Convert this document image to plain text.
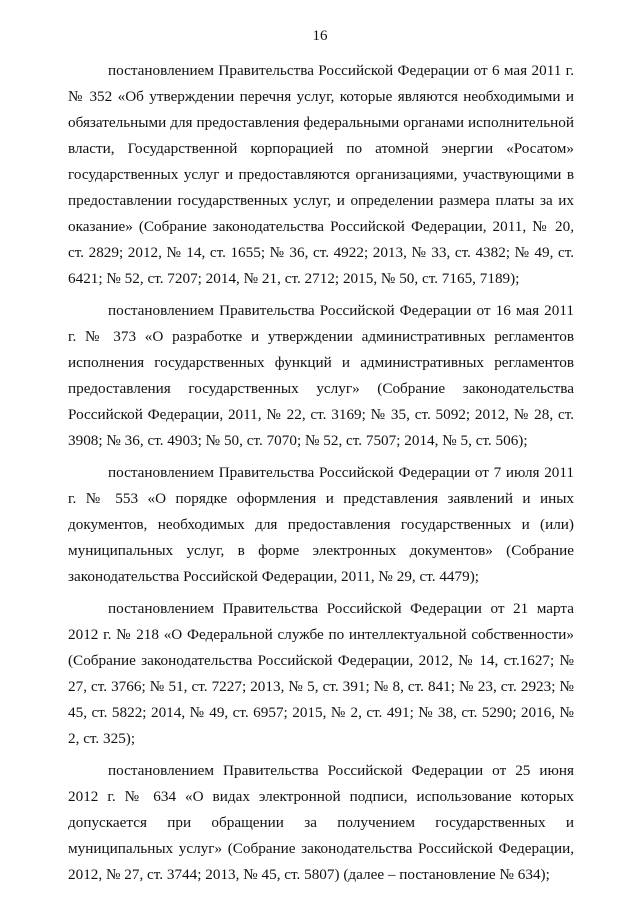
16

постановлением Правительства Российской Федерации от 6 мая 2011 г. № 352 «Об утверждении перечня услуг, которые являются необходимыми и обязательными для предоставления федеральными органами исполнительной власти, Государственной корпорацией по атомной энергии «Росатом» государственных услуг и предоставляются организациями, участвующими в предоставлении государственных услуг, и определении размера платы за их оказание» (Собрание законодательства Российской Федерации, 2011, № 20, ст. 2829; 2012, № 14, ст. 1655; № 36, ст. 4922; 2013, № 33, ст. 4382; № 49, ст. 6421; № 52, ст. 7207; 2014, № 21, ст. 2712; 2015, № 50, ст. 7165, 7189);

постановлением Правительства Российской Федерации от 16 мая 2011 г. № 373 «О разработке и утверждении административных регламентов исполнения государственных функций и административных регламентов предоставления государственных услуг» (Собрание законодательства Российской Федерации, 2011, № 22, ст. 3169; № 35, ст. 5092; 2012, № 28, ст. 3908; № 36, ст. 4903; № 50, ст. 7070; № 52, ст. 7507; 2014, № 5, ст. 506);

постановлением Правительства Российской Федерации от 7 июля 2011 г. № 553 «О порядке оформления и представления заявлений и иных документов, необходимых для предоставления государственных и (или) муниципальных услуг, в форме электронных документов» (Собрание законодательства Российской Федерации, 2011, № 29, ст. 4479);

постановлением Правительства Российской Федерации от 21 марта 2012 г. № 218 «О Федеральной службе по интеллектуальной собственности» (Собрание законодательства Российской Федерации, 2012, № 14, ст.1627; № 27, ст. 3766; № 51, ст. 7227; 2013, № 5, ст. 391; № 8, ст. 841; № 23, ст. 2923; № 45, ст. 5822; 2014, № 49, ст. 6957; 2015, № 2, ст. 491; № 38, ст. 5290; 2016, № 2, ст. 325);

постановлением Правительства Российской Федерации от 25 июня 2012 г. № 634 «О видах электронной подписи, использование которых допускается при обращении за получением государственных и муниципальных услуг» (Собрание законодательства Российской Федерации, 2012, № 27, ст. 3744; 2013, № 45, ст. 5807) (далее – постановление № 634);
